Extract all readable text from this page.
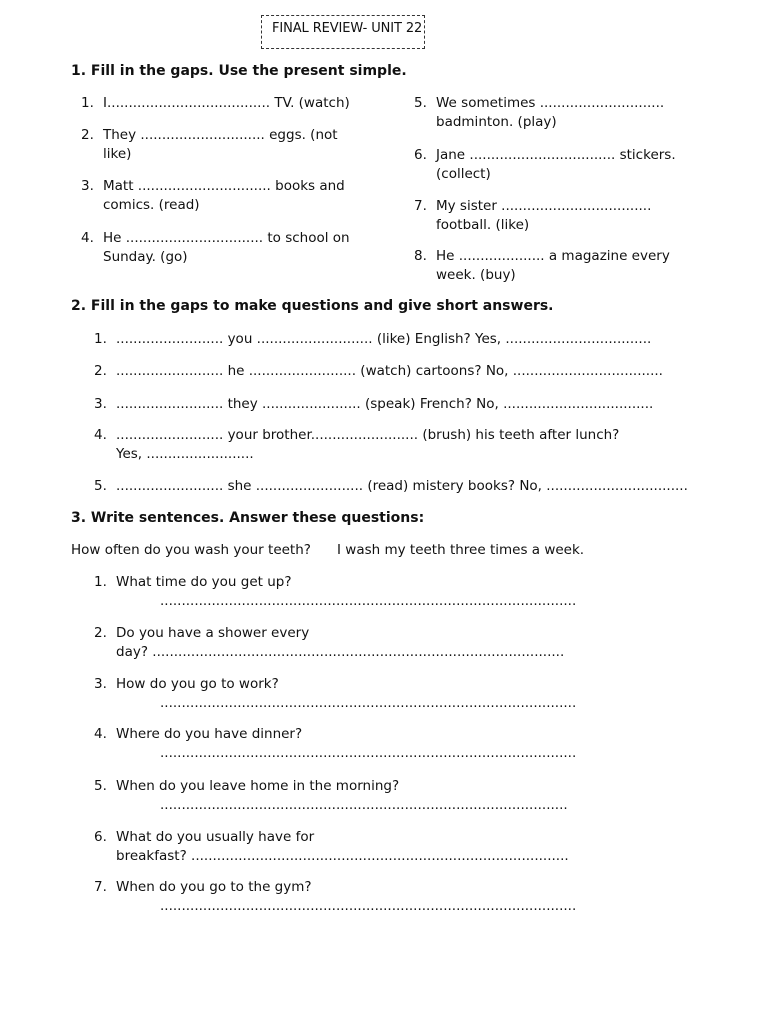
FINAL REVIEW- UNIT 22
1. Fill in the gaps. Use the present simple.
1. I...................................... TV. (watch)
2. They ............................. eggs. (not
like)
3. Matt ............................... books and
comics. (read)
4. He ................................ to school on
Sunday. (go)
5. We sometimes .............................
badminton. (play)
6. Jane .................................. stickers.
(collect)
7. My sister ...................................
football. (like)
8. He .................... a magazine every
week. (buy)
2. Fill in the gaps to make questions and give short answers.
1. ......................... you ........................... (like) English? Yes, ..................................
2. ......................... he ......................... (watch) cartoons? No, ...................................
3. ......................... they ....................... (speak) French? No, ...................................
4. ......................... your brother......................... (brush) his teeth after lunch?
Yes, .........................
5. ......................... she ......................... (read) mistery books? No, .................................
3. Write sentences. Answer these questions:
How often do you wash your teeth? I wash my teeth three times a week.
1. What time do you get up?
.................................................................................................
2. Do you have a shower every
day? ................................................................................................
3. How do you go to work?
.................................................................................................
4. Where do you have dinner?
.................................................................................................
5. When do you leave home in the morning?
...............................................................................................
6. What do you usually have for
breakfast? ........................................................................................
7. When do you go to the gym?
.................................................................................................
